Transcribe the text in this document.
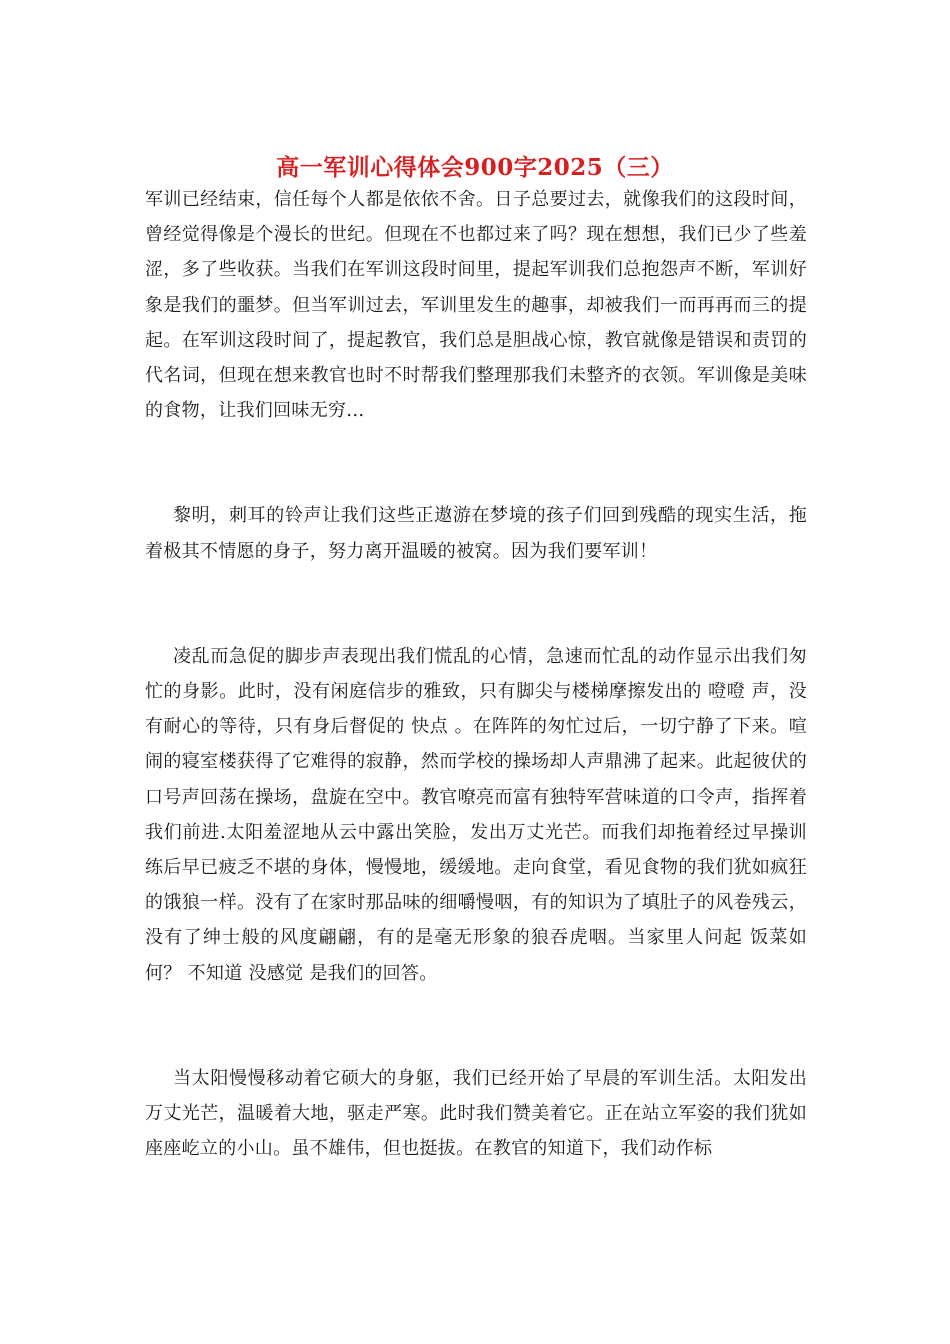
高一军训心得体会900字2025（三）

军训已经结束，信任每个人都是依依不舍。日子总要过去，就像我们的这段时间，曾经觉得像是个漫长的世纪。但现在不也都过来了吗？现在想想，我们已少了些羞涩，多了些收获。当我们在军训这段时间里，提起军训我们总抱怨声不断，军训好象是我们的噩梦。但当军训过去，军训里发生的趣事，却被我们一而再再而三的提起。在军训这段时间了，提起教官，我们总是胆战心惊，教官就像是错误和责罚的代名词，但现在想来教官也时不时帮我们整理那我们未整齐的衣领。军训像是美味的食物，让我们回味无穷...

黎明，刺耳的铃声让我们这些正遨游在梦境的孩子们回到残酷的现实生活，拖着极其不情愿的身子，努力离开温暖的被窝。因为我们要军训！

凌乱而急促的脚步声表现出我们慌乱的心情，急速而忙乱的动作显示出我们匆忙的身影。此时，没有闲庭信步的雅致，只有脚尖与楼梯摩擦发出的 噔噔 声，没有耐心的等待，只有身后督促的 快点 。在阵阵的匆忙过后，一切宁静了下来。喧闹的寝室楼获得了它难得的寂静，然而学校的操场却人声鼎沸了起来。此起彼伏的口号声回荡在操场，盘旋在空中。教官嘹亮而富有独特军营味道的口令声，指挥着我们前进.太阳羞涩地从云中露出笑脸，发出万丈光芒。而我们却拖着经过早操训练后早已疲乏不堪的身体，慢慢地，缓缓地。走向食堂，看见食物的我们犹如疯狂的饿狼一样。没有了在家时那品味的细嚼慢咽，有的知识为了填肚子的风卷残云，没有了绅士般的风度翩翩，有的是毫无形象的狼吞虎咽。当家里人问起 饭菜如何？ 不知道 没感觉 是我们的回答。

当太阳慢慢移动着它硕大的身躯，我们已经开始了早晨的军训生活。太阳发出万丈光芒，温暖着大地，驱走严寒。此时我们赞美着它。正在站立军姿的我们犹如座座屹立的小山。虽不雄伟，但也挺拔。在教官的知道下，我们动作标
